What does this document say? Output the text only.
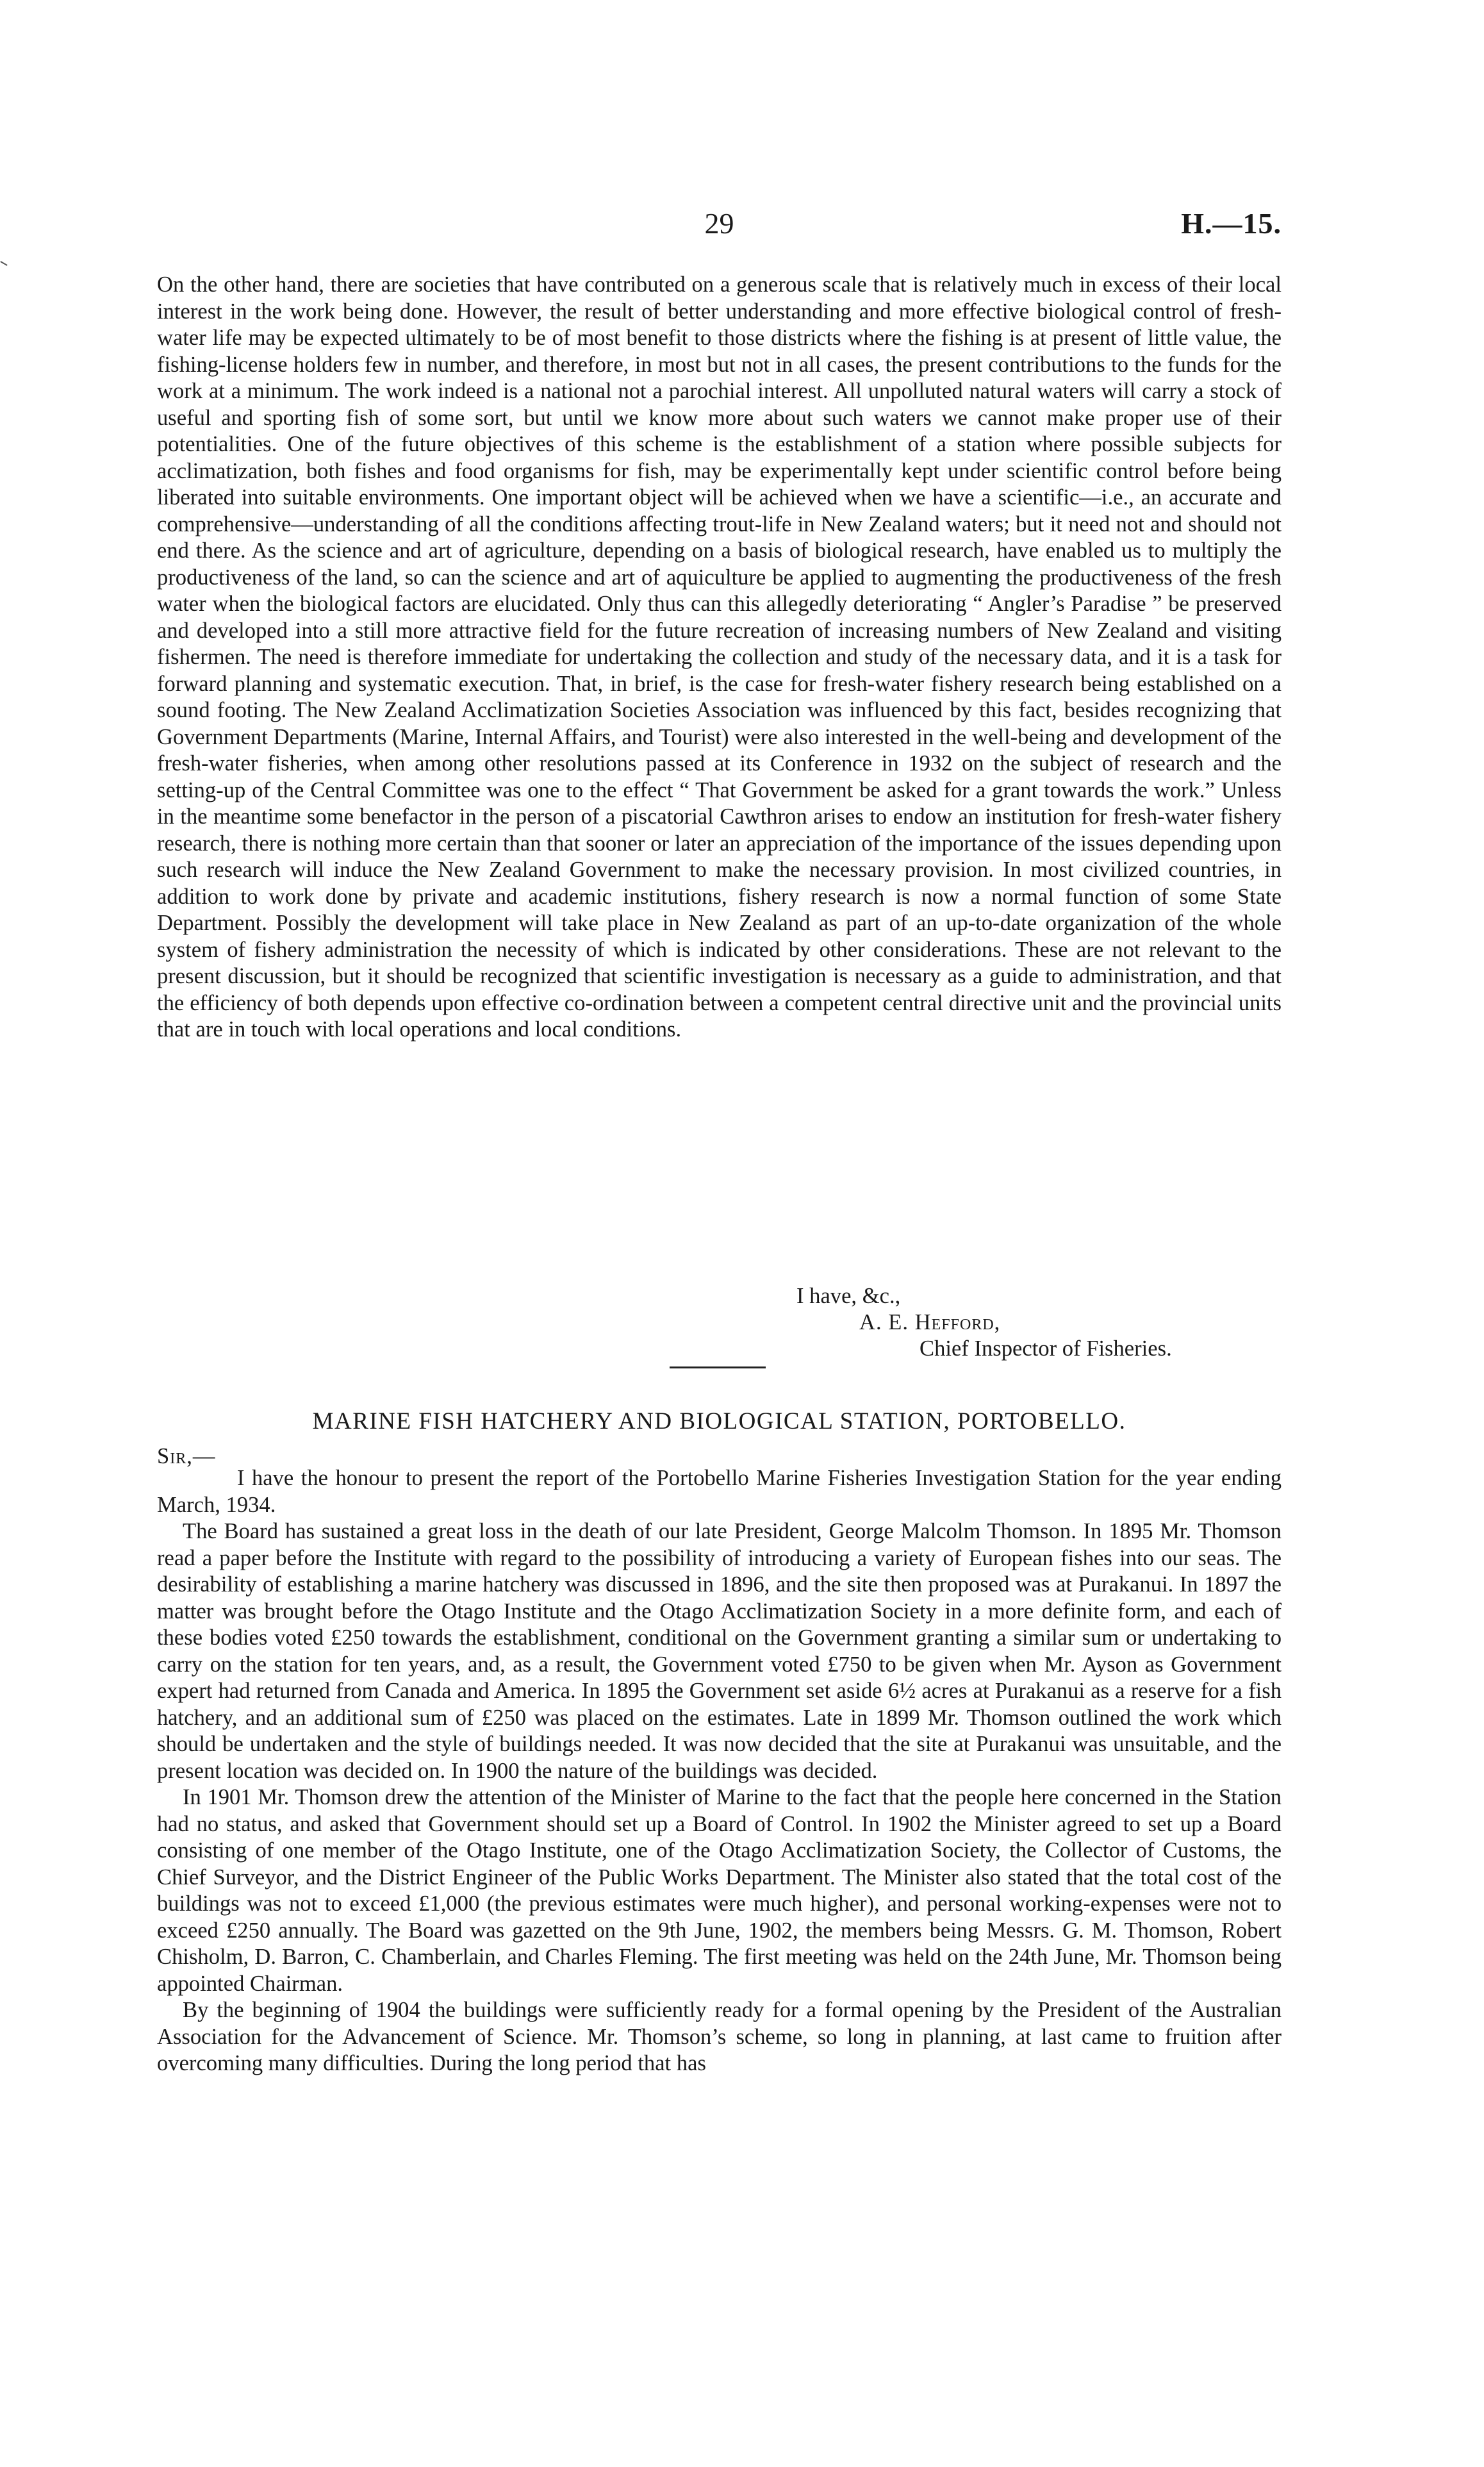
29	H.—15.

On the other hand, there are societies that have contributed on a generous scale that is relatively much in excess of their local interest in the work being done. However, the result of better understanding and more effective biological control of fresh-water life may be expected ultimately to be of most benefit to those districts where the fishing is at present of little value, the fishing-license holders few in number, and therefore, in most but not in all cases, the present contributions to the funds for the work at a minimum. The work indeed is a national not a parochial interest. All unpolluted natural waters will carry a stock of useful and sporting fish of some sort, but until we know more about such waters we cannot make proper use of their potentialities. One of the future objectives of this scheme is the establishment of a station where possible subjects for acclimatization, both fishes and food organisms for fish, may be experimentally kept under scientific control before being liberated into suitable environments. One important object will be achieved when we have a scientific—i.e., an accurate and comprehensive—understanding of all the conditions affecting trout-life in New Zealand waters; but it need not and should not end there. As the science and art of agriculture, depending on a basis of biological research, have enabled us to multiply the productiveness of the land, so can the science and art of aquiculture be applied to augmenting the productiveness of the fresh water when the biological factors are elucidated. Only thus can this allegedly deteriorating “ Angler’s Paradise ” be preserved and developed into a still more attractive field for the future recreation of increasing numbers of New Zealand and visiting fishermen. The need is therefore immediate for undertaking the collection and study of the necessary data, and it is a task for forward planning and systematic execution. That, in brief, is the case for fresh-water fishery research being established on a sound footing. The New Zealand Acclimatization Societies Association was influenced by this fact, besides recognizing that Government Departments (Marine, Internal Affairs, and Tourist) were also interested in the well-being and development of the fresh-water fisheries, when among other resolutions passed at its Conference in 1932 on the subject of research and the setting-up of the Central Committee was one to the effect “ That Government be asked for a grant towards the work.” Unless in the meantime some benefactor in the person of a piscatorial Cawthron arises to endow an institution for fresh-water fishery research, there is nothing more certain than that sooner or later an appreciation of the importance of the issues depending upon such research will induce the New Zealand Government to make the necessary provision. In most civilized countries, in addition to work done by private and academic institutions, fishery research is now a normal function of some State Department. Possibly the development will take place in New Zealand as part of an up-to-date organization of the whole system of fishery administration the necessity of which is indicated by other considerations. These are not relevant to the present discussion, but it should be recognized that scientific investigation is necessary as a guide to administration, and that the efficiency of both depends upon effective co-ordination between a competent central directive unit and the provincial units that are in touch with local operations and local conditions.

I have, &c.,
A. E. Hefford,
Chief Inspector of Fisheries.
MARINE FISH HATCHERY AND BIOLOGICAL STATION, PORTOBELLO.
Sir,—

I have the honour to present the report of the Portobello Marine Fisheries Investigation Station for the year ending March, 1934.

The Board has sustained a great loss in the death of our late President, George Malcolm Thomson. In 1895 Mr. Thomson read a paper before the Institute with regard to the possibility of introducing a variety of European fishes into our seas. The desirability of establishing a marine hatchery was discussed in 1896, and the site then proposed was at Purakanui. In 1897 the matter was brought before the Otago Institute and the Otago Acclimatization Society in a more definite form, and each of these bodies voted £250 towards the establishment, conditional on the Government granting a similar sum or undertaking to carry on the station for ten years, and, as a result, the Government voted £750 to be given when Mr. Ayson as Government expert had returned from Canada and America. In 1895 the Government set aside 6½ acres at Purakanui as a reserve for a fish hatchery, and an additional sum of £250 was placed on the estimates. Late in 1899 Mr. Thomson outlined the work which should be undertaken and the style of buildings needed. It was now decided that the site at Purakanui was unsuitable, and the present location was decided on. In 1900 the nature of the buildings was decided.

In 1901 Mr. Thomson drew the attention of the Minister of Marine to the fact that the people here concerned in the Station had no status, and asked that Government should set up a Board of Control. In 1902 the Minister agreed to set up a Board consisting of one member of the Otago Institute, one of the Otago Acclimatization Society, the Collector of Customs, the Chief Surveyor, and the District Engineer of the Public Works Department. The Minister also stated that the total cost of the buildings was not to exceed £1,000 (the previous estimates were much higher), and personal working-expenses were not to exceed £250 annually. The Board was gazetted on the 9th June, 1902, the members being Messrs. G. M. Thomson, Robert Chisholm, D. Barron, C. Chamberlain, and Charles Fleming. The first meeting was held on the 24th June, Mr. Thomson being appointed Chairman.

By the beginning of 1904 the buildings were sufficiently ready for a formal opening by the President of the Australian Association for the Advancement of Science. Mr. Thomson’s scheme, so long in planning, at last came to fruition after overcoming many difficulties. During the long period that has
